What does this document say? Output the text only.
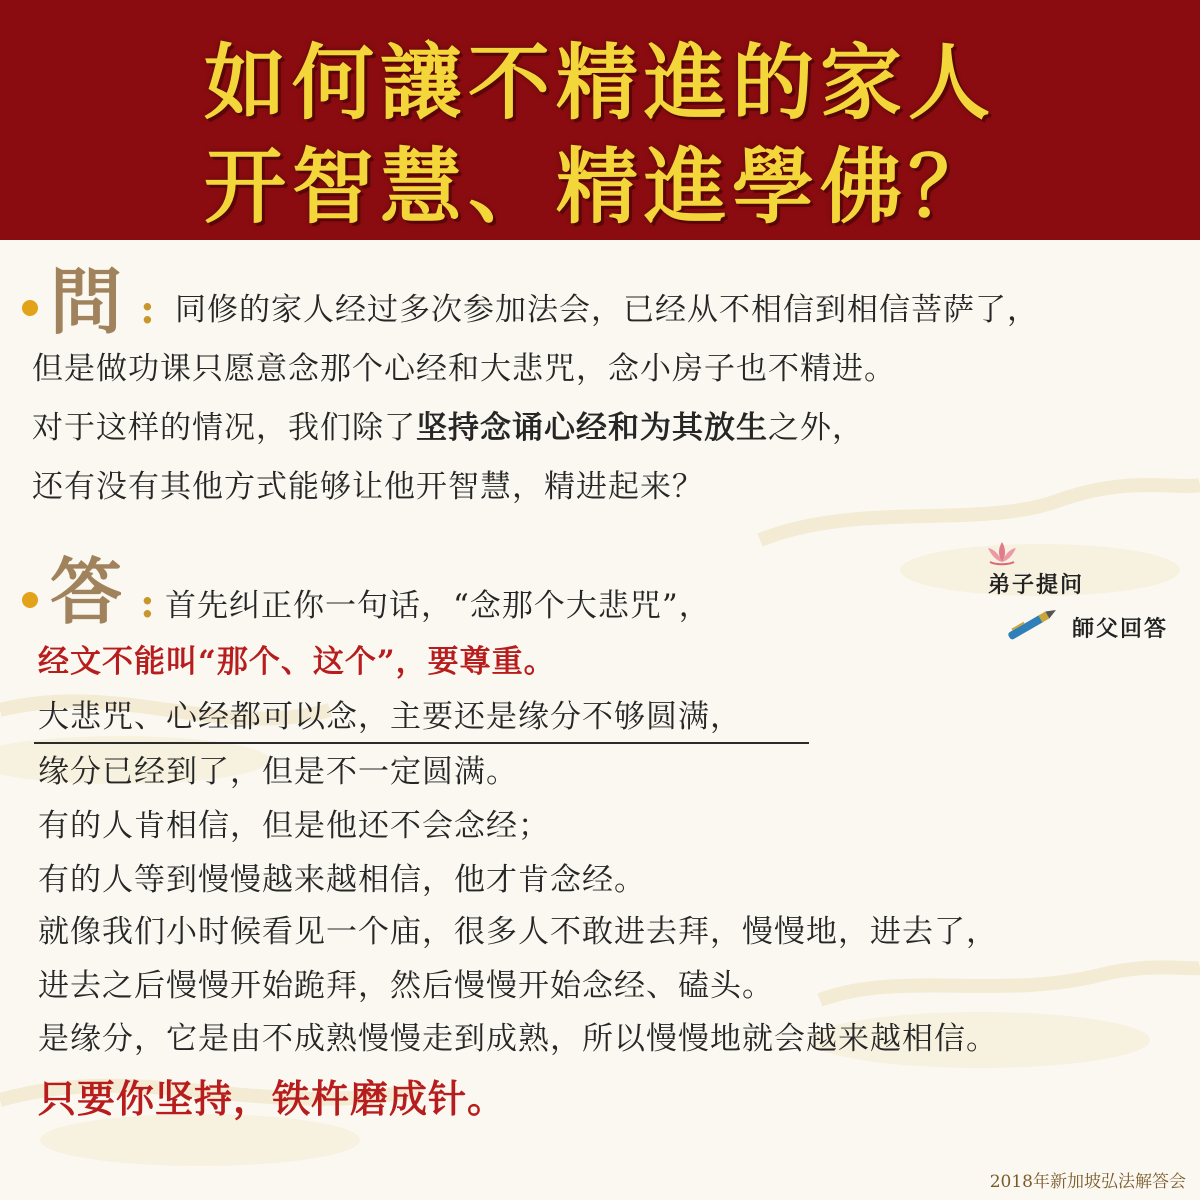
如何讓不精進的家人
开智慧、精進學佛？
問 : 同修的家人经过多次参加法会，已经从不相信到相信菩萨了，
但是做功课只愿意念那个心经和大悲咒，念小房子也不精进。
对于这样的情况，我们除了坚持念诵心经和为其放生之外，
还有没有其他方式能够让他开智慧，精进起来？
答 : 首先纠正你一句话，“念那个大悲咒”，
经文不能叫“那个、这个”，要尊重。
大悲咒、心经都可以念，主要还是缘分不够圆满，
缘分已经到了，但是不一定圆满。
有的人肯相信，但是他还不会念经；
有的人等到慢慢越来越相信，他才肯念经。
就像我们小时候看见一个庙，很多人不敢进去拜，慢慢地，进去了，
进去之后慢慢开始跪拜，然后慢慢开始念经、磕头。
是缘分，它是由不成熟慢慢走到成熟，所以慢慢地就会越来越相信。
只要你坚持，铁杵磨成针。
弟子提问
師父回答
2018年新加坡弘法解答会
